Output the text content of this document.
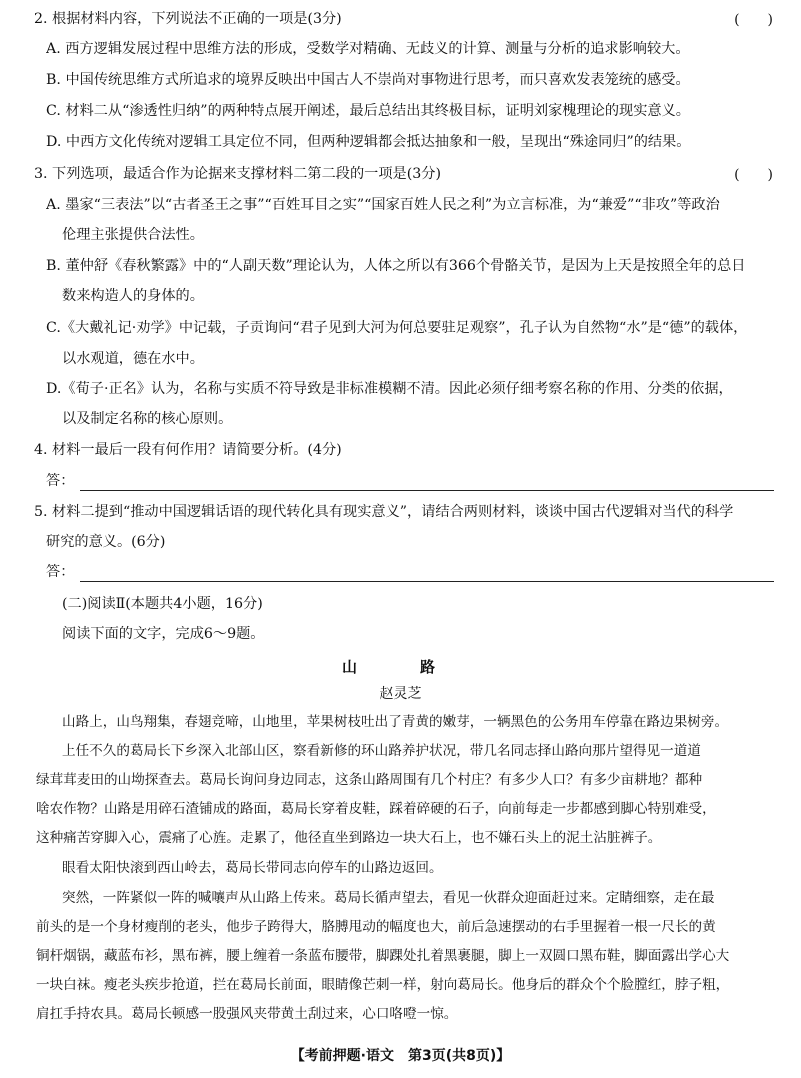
2. 根据材料内容，下列说法不正确的一项是(3分)	(　　)
A. 西方逻辑发展过程中思维方法的形成，受数学对精确、无歧义的计算、测量与分析的追求影响较大。
B. 中国传统思维方式所追求的境界反映出中国古人不崇尚对事物进行思考，而只喜欢发表笼统的感受。
C. 材料二从“渗透性归纳”的两种特点展开阐述，最后总结出其终极目标，证明刘家槐理论的现实意义。
D. 中西方文化传统对逻辑工具定位不同，但两种逻辑都会抵达抽象和一般，呈现出“殊途同归”的结果。
3. 下列选项，最适合作为论据来支撑材料二第二段的一项是(3分)	(　　)
A. 墨家“三表法”以“古者圣王之事”“百姓耳目之实”“国家百姓人民之利”为立言标准，为“兼爱”“非攻”等政治
伦理主张提供合法性。
B. 董仲舒《春秋繁露》中的“人副天数”理论认为，人体之所以有366个骨骼关节，是因为上天是按照全年的总日
数来构造人的身体的。
C.《大戴礼记·劝学》中记载，子贡询问“君子见到大河为何总要驻足观察”，孔子认为自然物“水”是“德”的载体，
以水观道，德在水中。
D.《荀子·正名》认为，名称与实质不符导致是非标准模糊不清。因此必须仔细考察名称的作用、分类的依据，
以及制定名称的核心原则。
4. 材料一最后一段有何作用？请简要分析。(4分)
答：
5. 材料二提到“推动中国逻辑话语的现代转化具有现实意义”，请结合两则材料，谈谈中国古代逻辑对当代的科学
研究的意义。(6分)
答：
(二)阅读Ⅱ(本题共4小题，16分)
阅读下面的文字，完成6～9题。
山　路
赵灵芝
山路上，山鸟翔集，春翅竞啼，山地里，苹果树枝吐出了青黄的嫩芽，一辆黑色的公务用车停靠在路边果树旁。
上任不久的葛局长下乡深入北部山区，察看新修的环山路养护状况，带几名同志择山路向那片望得见一道道
绿茸茸麦田的山坳探查去。葛局长询问身边同志，这条山路周围有几个村庄？有多少人口？有多少亩耕地？都种
啥农作物？山路是用碎石渣铺成的路面，葛局长穿着皮鞋，踩着碎硬的石子，向前每走一步都感到脚心特别难受，
这种痛苦穿脚入心，震痛了心旌。走累了，他径直坐到路边一块大石上，也不嫌石头上的泥土沾脏裤子。
眼看太阳快滚到西山岭去，葛局长带同志向停车的山路边返回。
突然，一阵紧似一阵的喊嚷声从山路上传来。葛局长循声望去，看见一伙群众迎面赶过来。定睛细察，走在最
前头的是一个身材瘦削的老头，他步子跨得大，胳膊甩动的幅度也大，前后急速摆动的右手里握着一根一尺长的黄
铜杆烟锅，藏蓝布衫，黑布裤，腰上缠着一条蓝布腰带，脚踝处扎着黑裹腿，脚上一双圆口黑布鞋，脚面露出学心大
一块白袜。瘦老头疾步抢道，拦在葛局长前面，眼睛像芒刺一样，射向葛局长。他身后的群众个个脸膛红，脖子粗，
肩扛手持农具。葛局长顿感一股强风夹带黄土刮过来，心口咯噔一惊。
【考前押题·语文　第3页(共8页)】
